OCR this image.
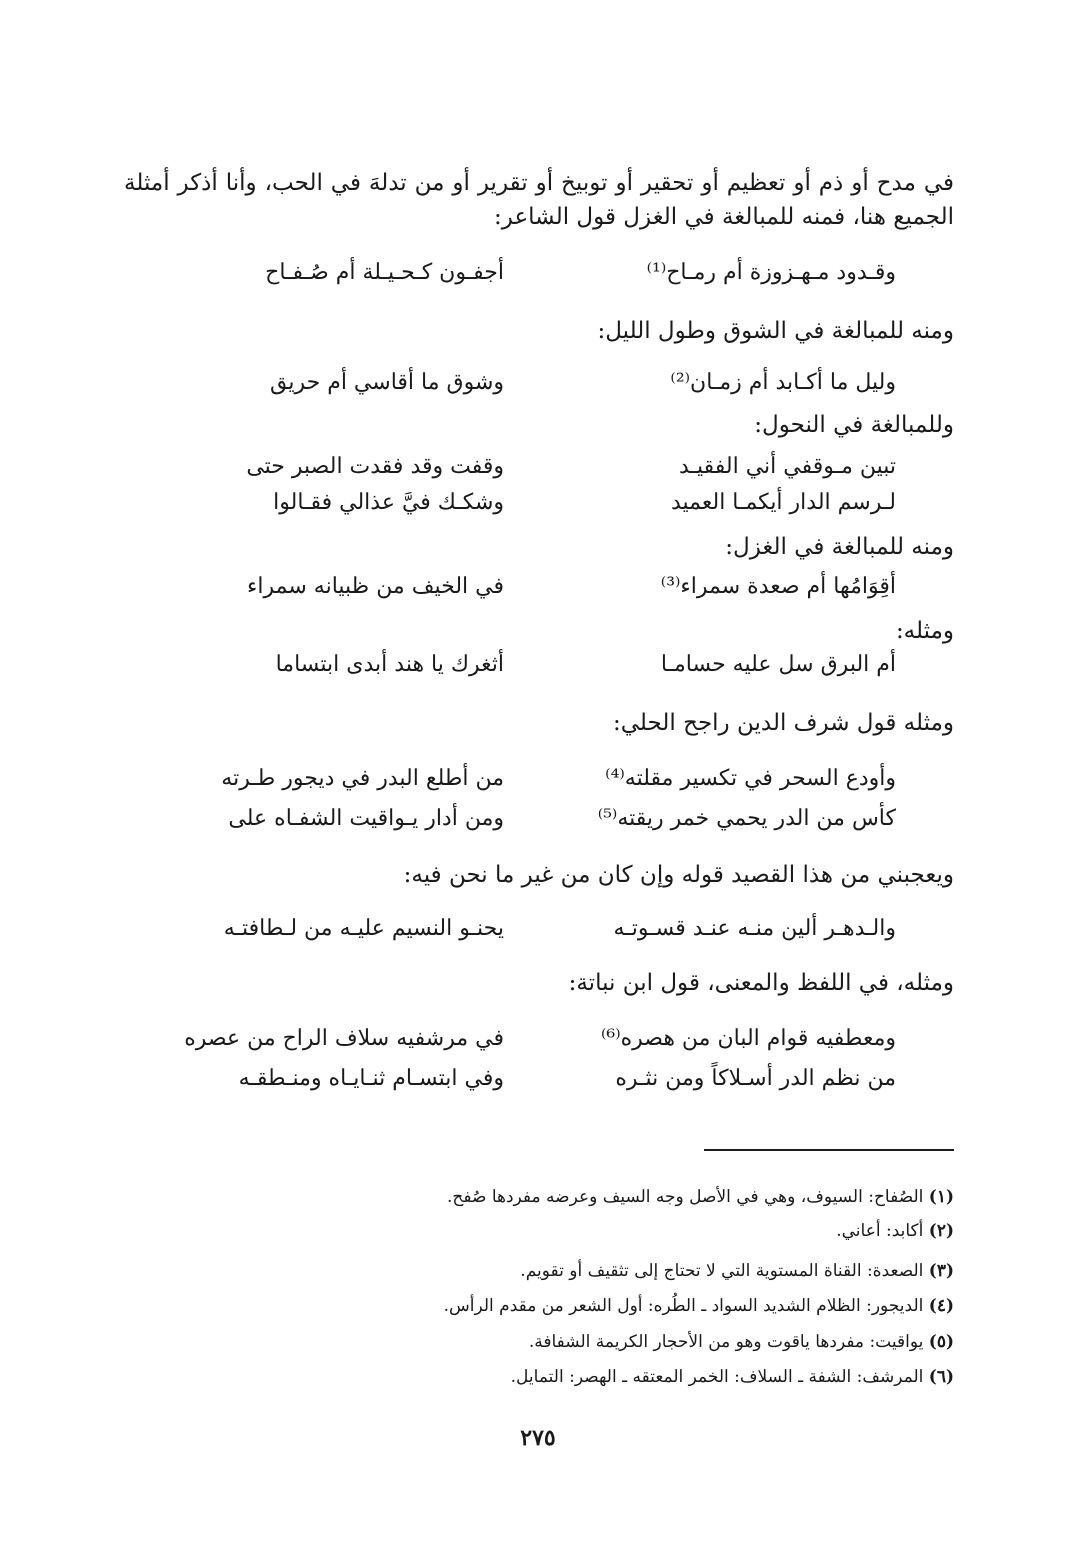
في مدح أو ذم أو تعظيم أو تحقير أو توبيخ أو تقرير أو من تدلهَ في الحب، وأنا أذكر أمثلة الجميع هنا، فمنه للمبالغة في الغزل قول الشاعر:

أجفـون كـحـيـلة أم صُـفـاح	وقـدود مـهـزوزة أم رمـاح⁽¹⁾

ومنه للمبالغة في الشوق وطول الليل:

وشوق ما أقاسي أم حريق	وليل ما أكـابد أم زمـان⁽²⁾

وللمبالغة في النحول:

وقفت وقد فقدت الصبر حتى	تبين مـوقفي أني الفقيـد
وشكـك فيَّ عذالي فقـالوا	لـرسم الدار أيكمـا العميد

ومنه للمبالغة في الغزل:

في الخيف من ظبيانه سمراء	أقِوَامُها أم صعدة سمراء⁽³⁾

ومثله:

أثغرك يا هند أبدى ابتساما	أم البرق سل عليه حسامـا

ومثله قول شرف الدين راجح الحلي:

من أطلع البدر في ديجور طـرته	وأودع السحر في تكسير مقلته⁽⁴⁾
ومن أدار يـواقيت الشفـاه على	كأس من الدر يحمي خمر ريقته⁽⁵⁾

ويعجبني من هذا القصيد قوله وإن كان من غير ما نحن فيه:

يحنـو النسيم عليـه من لـطافتـه	والـدهـر ألين منـه عنـد قسـوتـه

ومثله، في اللفظ والمعنى، قول ابن نباتة:

في مرشفيه سلاف الراح من عصره	ومعطفيه قوام البان من هصره⁽⁶⁾
وفي ابتسـام ثنـايـاه ومنـطقـه	من نظم الدر أسـلاكاً ومن نثـره
(١) الصُفاح: السيوف، وهي في الأصل وجه السيف وعرضه مفردها صُفح.
(٢) أكابد: أعاني.
(٣) الصعدة: القناة المستوية التي لا تحتاج إلى تثقيف أو تقويم.
(٤) الديجور: الظلام الشديد السواد ـ الطُره: أول الشعر من مقدم الرأس.
(٥) يواقيت: مفردها ياقوت وهو من الأحجار الكريمة الشفافة.
(٦) المرشف: الشفة ـ السلاف: الخمر المعتقه ـ الهصر: التمايل.
٢٧٥
